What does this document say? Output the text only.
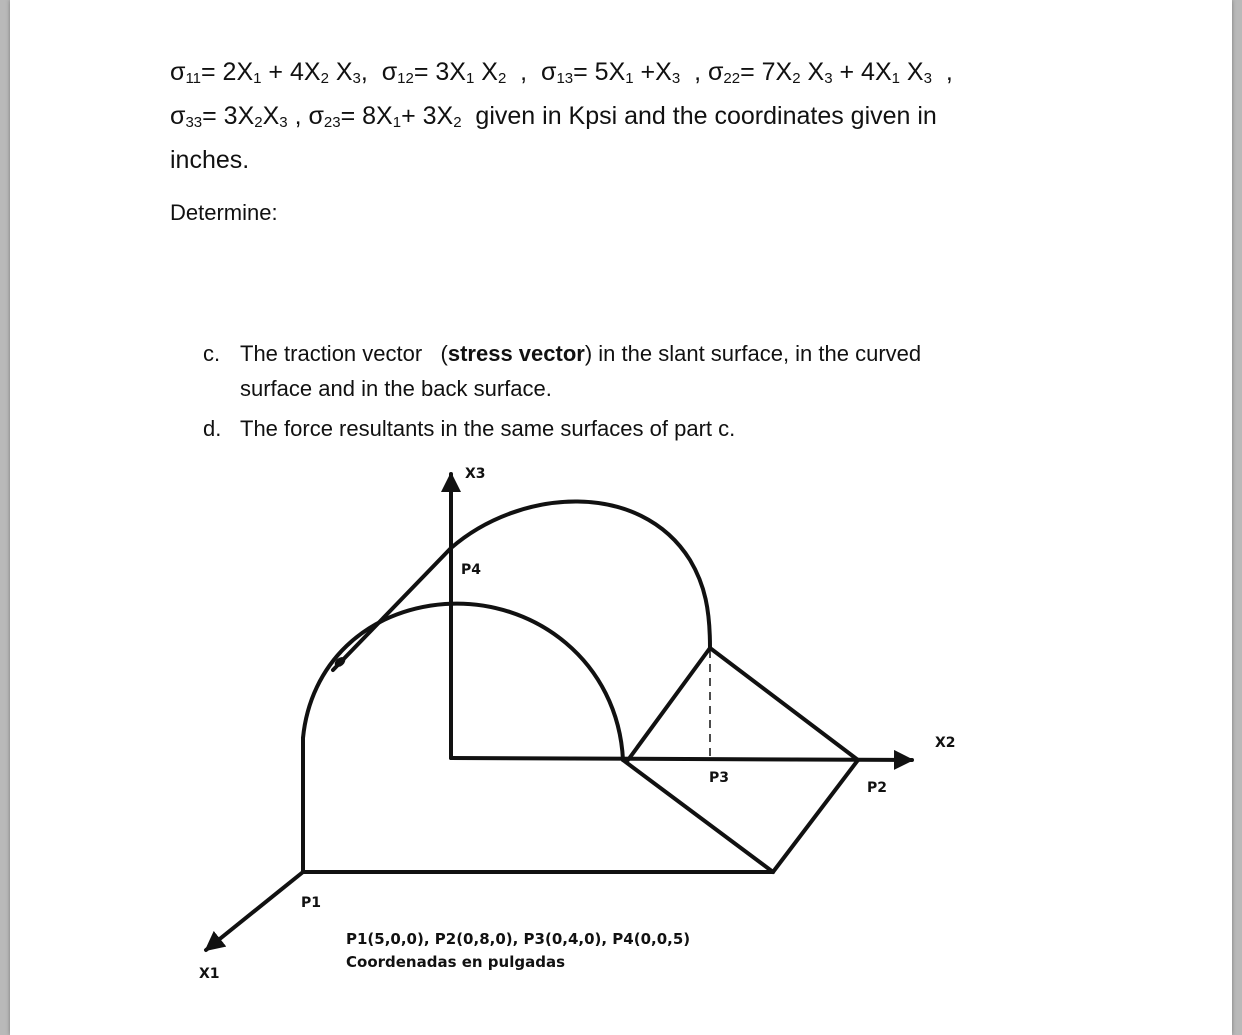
$\sigma_{11}= 2X_1 + 4X_2$ $X_3$,  $\sigma_{12}= 3X_1$ $X_2$  ,  $\sigma_{13}= 5X_1 +X_3$  , $\sigma_{22}= 7X_2$ $X_3 + 4X_1$ $X_3$  ,
$\sigma_{33}= 3X_2X_3$ , $\sigma_{23}= 8X_1+ 3X_2$  given in Kpsi and the coordinates given in
inches.
Determine:
c. The traction vector   (stress vector) in the slant surface, in the curved
surface and in the back surface.
d. The force resultants in the same surfaces of part c.
X3
X2
X1
P4
P3
P2
P1
P1(5,0,0), P2(0,8,0), P3(0,4,0), P4(0,0,5)
Coordenadas en pulgadas
